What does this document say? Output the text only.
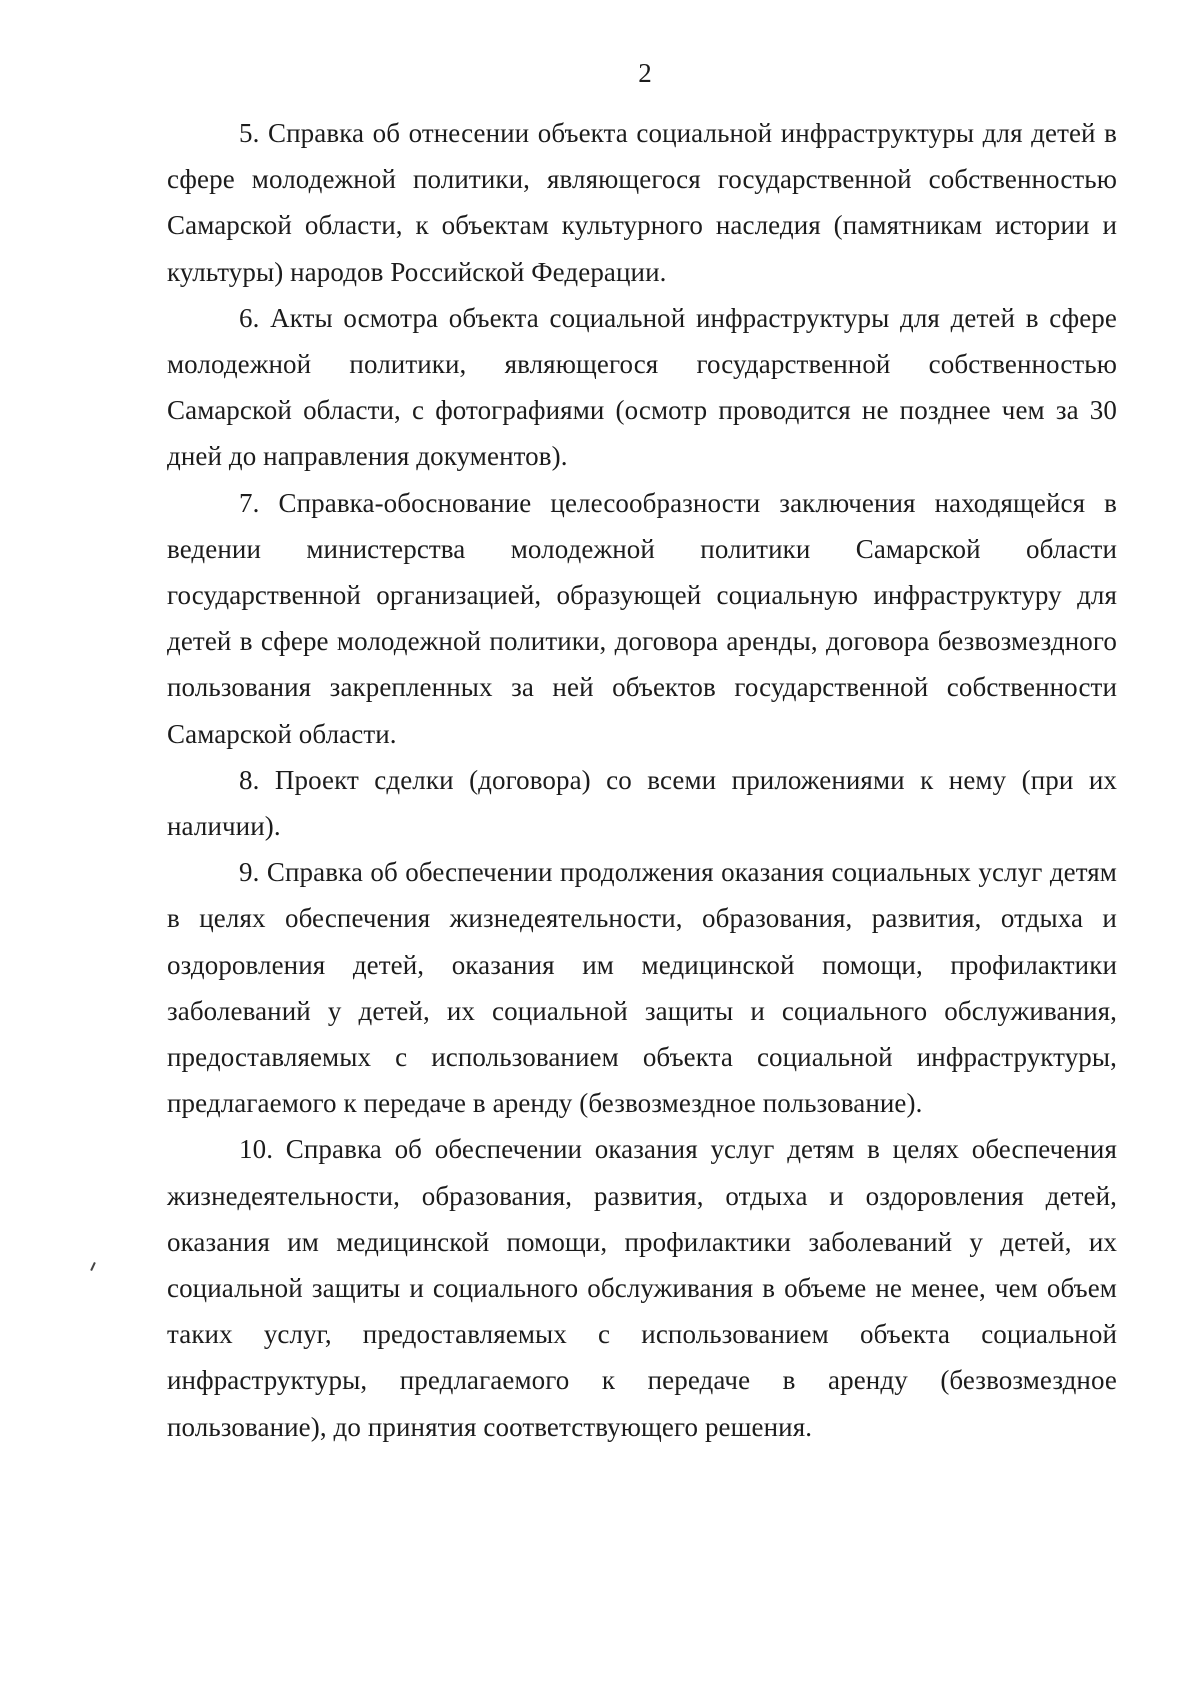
2

5. Справка об отнесении объекта социальной инфраструктуры для детей в сфере молодежной политики, являющегося государственной собственностью Самарской области, к объектам культурного наследия (памятникам истории и культуры) народов Российской Федерации.

6. Акты осмотра объекта социальной инфраструктуры для детей в сфере молодежной политики, являющегося государственной собственностью Самарской области, с фотографиями (осмотр проводится не позднее чем за 30 дней до направления документов).

7. Справка-обоснование целесообразности заключения находящейся в ведении министерства молодежной политики Самарской области государственной организацией, образующей социальную инфраструктуру для детей в сфере молодежной политики, договора аренды, договора безвозмездного пользования закрепленных за ней объектов государственной собственности Самарской области.

8. Проект сделки (договора) со всеми приложениями к нему (при их наличии).

9. Справка об обеспечении продолжения оказания социальных услуг детям в целях обеспечения жизнедеятельности, образования, развития, отдыха и оздоровления детей, оказания им медицинской помощи, профилактики заболеваний у детей, их социальной защиты и социального обслуживания, предоставляемых с использованием объекта социальной инфраструктуры, предлагаемого к передаче в аренду (безвозмездное пользование).

10. Справка об обеспечении оказания услуг детям в целях обеспечения жизнедеятельности, образования, развития, отдыха и оздоровления детей, оказания им медицинской помощи, профилактики заболеваний у детей, их социальной защиты и социального обслуживания в объеме не менее, чем объем таких услуг, предоставляемых с использованием объекта социальной инфраструктуры, предлагаемого к передаче в аренду (безвозмездное пользование), до принятия соответствующего решения.
